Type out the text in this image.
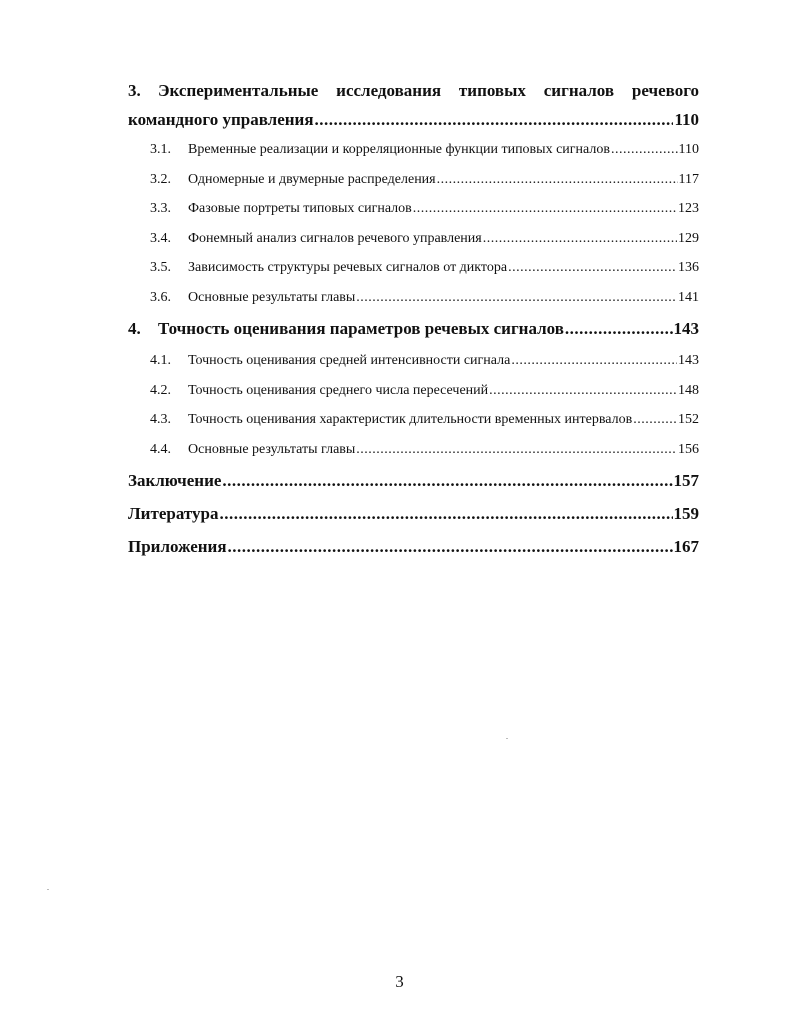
3.	Экспериментальные исследования типовых сигналов речевого
командного управления .....	110
3.1.	Временные реализации и корреляционные функции типовых сигналов .....	110
3.2.	Одномерные и двумерные распределения .....	117
3.3.	Фазовые портреты типовых сигналов .....	123
3.4.	Фонемный анализ сигналов речевого управления .....	129
3.5.	Зависимость структуры речевых сигналов от диктора .....	136
3.6.	Основные результаты главы .....	141
4.	Точность оценивания параметров речевых сигналов .....	143
4.1.	Точность оценивания средней интенсивности сигнала .....	143
4.2.	Точность оценивания среднего числа пересечений .....	148
4.3.	Точность оценивания характеристик длительности временных интервалов .....	152
4.4.	Основные результаты главы .....	156
Заключение .....	157
Литература .....	159
Приложения .....	167
3
